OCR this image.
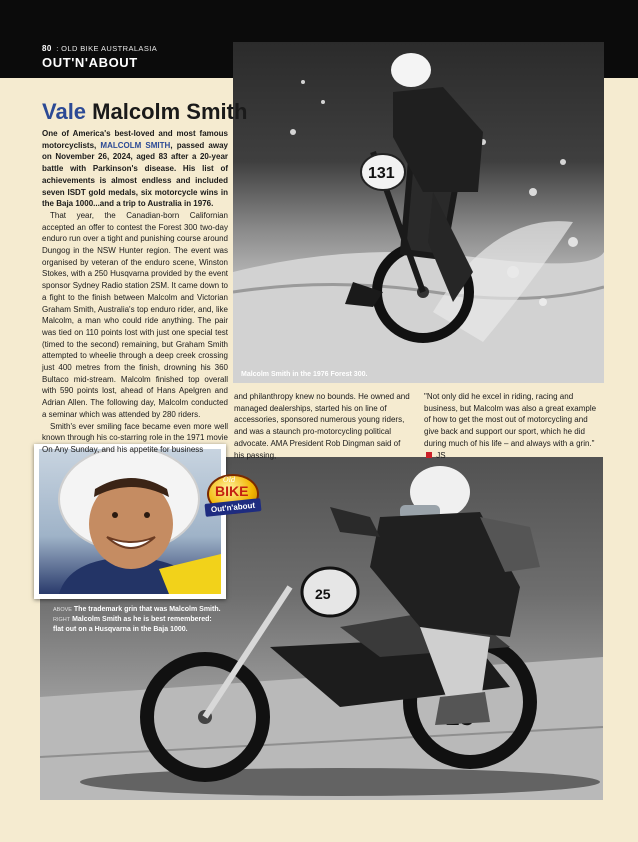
80 : OLD BIKE AUSTRALASIA
OUT'N'ABOUT
131
Malcolm Smith in the 1976 Forest 300.
25
Old
BIKE
Out'n'about
ABOVE The trademark grin that was Malcolm Smith.
RIGHT Malcolm Smith as he is best remembered: flat out on a Husqvarna in the Baja 1000.
Vale Malcolm Smith

One of America's best-loved and most famous motorcyclists, MALCOLM SMITH, passed away on November 26, 2024, aged 83 after a 20-year battle with Parkinson's disease. His list of achievements is almost endless and included seven ISDT gold medals, six motorcycle wins in the Baja 1000...and a trip to Australia in 1976.

That year, the Canadian-born Californian accepted an offer to contest the Forest 300 two-day enduro run over a tight and punishing course around Dungog in the NSW Hunter region. The event was organised by veteran of the enduro scene, Winston Stokes, with a 250 Husqvarna provided by the event sponsor Sydney Radio station 2SM. It came down to a fight to the finish between Malcolm and Victorian Graham Smith, Australia's top enduro rider, and, like Malcolm, a man who could ride anything. The pair was tied on 110 points lost with just one special test (timed to the second) remaining, but Graham Smith attempted to wheelie through a deep creek crossing just 400 metres from the finish, drowning his 360 Bultaco mid-stream. Malcolm finished top overall with 590 points lost, ahead of Hans Apelgren and Adrian Allen. The following day, Malcolm conducted a seminar which was attended by 280 riders.

Smith's ever smiling face became even more well known through his co-starring role in the 1971 movie On Any Sunday, and his appetite for business

and philanthropy knew no bounds. He owned and managed dealerships, started his on line of accessories, sponsored numerous young riders, and was a staunch pro-motorcycling political advocate. AMA President Rob Dingman said of his passing,

"Not only did he excel in riding, racing and business, but Malcolm was also a great example of how to get the most out of motorcycling and give back and support our sport, which he did during much of his life – and always with a grin."  JS
